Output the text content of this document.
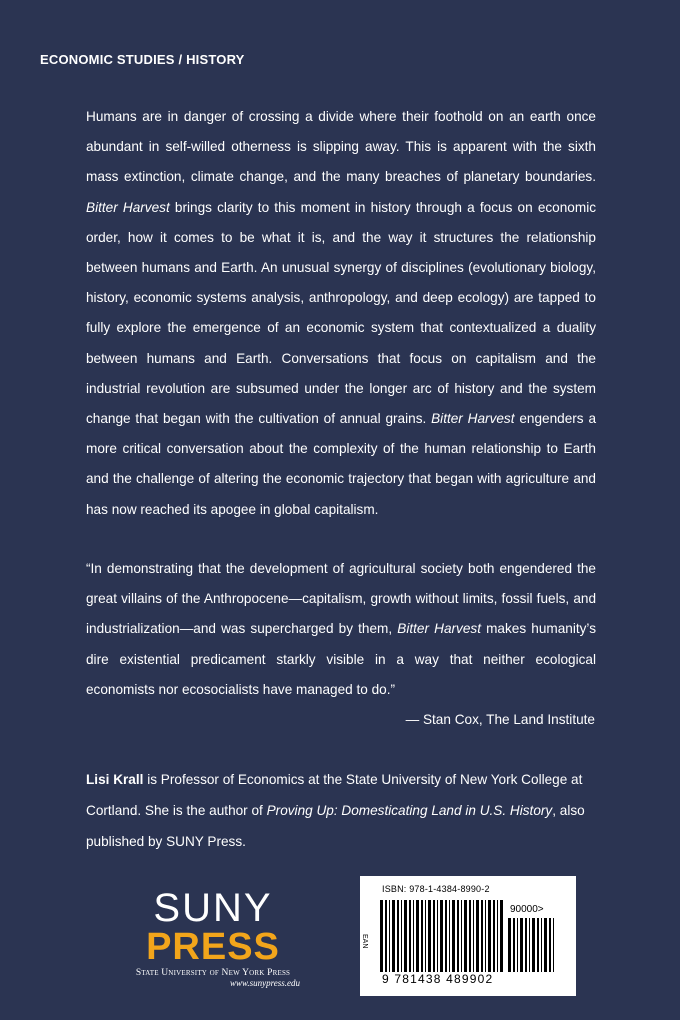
ECONOMIC STUDIES / HISTORY

Humans are in danger of crossing a divide where their foothold on an earth once abundant in self-willed otherness is slipping away. This is apparent with the sixth mass extinction, climate change, and the many breaches of planetary boundaries. Bitter Harvest brings clarity to this moment in history through a focus on economic order, how it comes to be what it is, and the way it structures the relationship between humans and Earth. An unusual synergy of disciplines (evolutionary biology, history, economic systems analysis, anthropology, and deep ecology) are tapped to fully explore the emergence of an economic system that contextualized a duality between humans and Earth. Conversations that focus on capitalism and the industrial revolution are subsumed under the longer arc of history and the system change that began with the cultivation of annual grains. Bitter Harvest engenders a more critical conversation about the complexity of the human relationship to Earth and the challenge of altering the economic trajectory that began with agriculture and has now reached its apogee in global capitalism.

“In demonstrating that the development of agricultural society both engendered the great villains of the Anthropocene—capitalism, growth without limits, fossil fuels, and industrialization—and was supercharged by them, Bitter Harvest makes humanity’s dire existential predicament starkly visible in a way that neither ecological economists nor ecosocialists have managed to do.”

— Stan Cox, The Land Institute

Lisi Krall is Professor of Economics at the State University of New York College at Cortland. She is the author of Proving Up: Domesticating Land in U.S. History, also published by SUNY Press.

SUNY
PRESS
State University of New York Press
www.sunypress.edu
ISBN: 978-1-4384-8990-2
EAN
90000>
9 781438 489902
